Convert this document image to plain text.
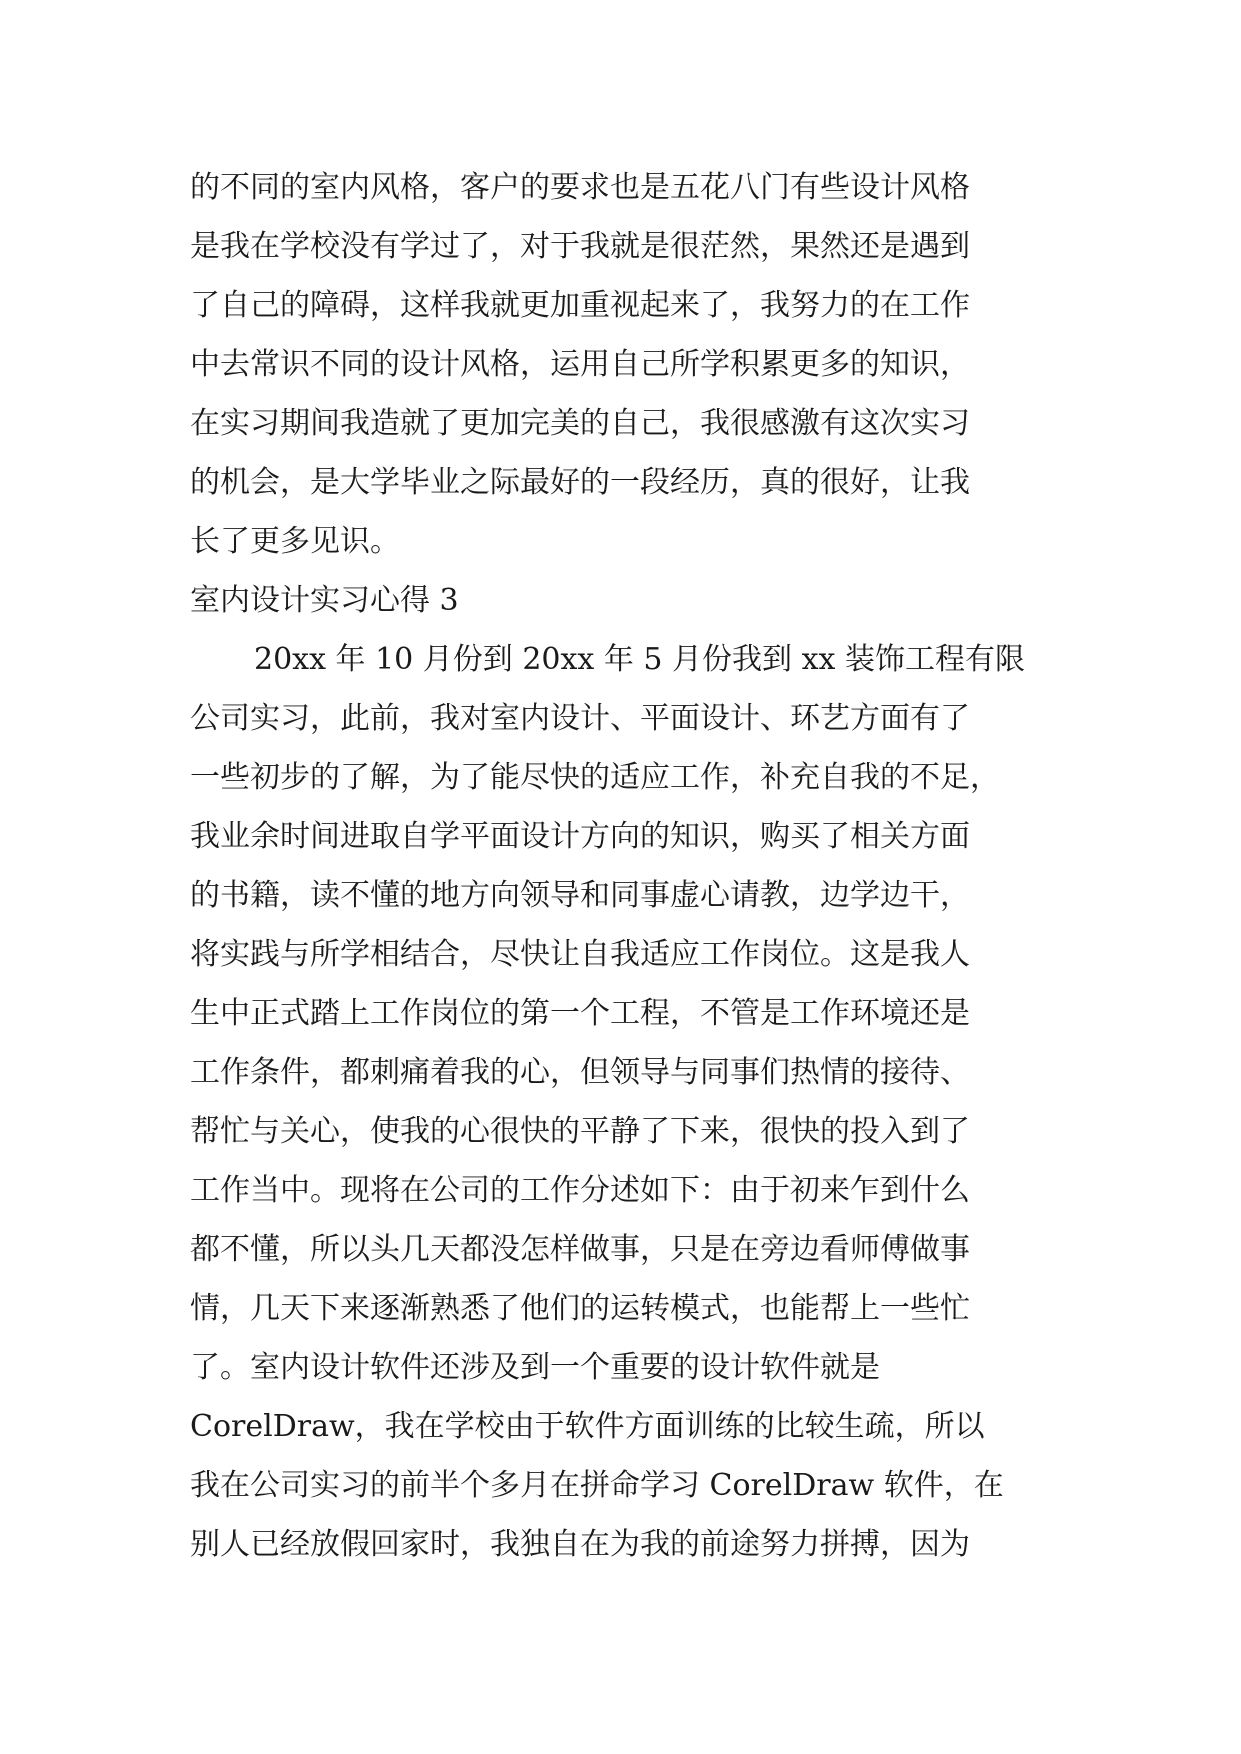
的不同的室内风格，客户的要求也是五花八门有些设计风格
是我在学校没有学过了，对于我就是很茫然，果然还是遇到
了自己的障碍，这样我就更加重视起来了，我努力的在工作
中去常识不同的设计风格，运用自己所学积累更多的知识，
在实习期间我造就了更加完美的自己，我很感激有这次实习
的机会，是大学毕业之际最好的一段经历，真的很好，让我
长了更多见识。
室内设计实习心得 3
20xx 年 10 月份到 20xx 年 5 月份我到 xx 装饰工程有限
公司实习，此前，我对室内设计、平面设计、环艺方面有了
一些初步的了解，为了能尽快的适应工作，补充自我的不足，
我业余时间进取自学平面设计方向的知识，购买了相关方面
的书籍，读不懂的地方向领导和同事虚心请教，边学边干，
将实践与所学相结合，尽快让自我适应工作岗位。这是我人
生中正式踏上工作岗位的第一个工程，不管是工作环境还是
工作条件，都刺痛着我的心，但领导与同事们热情的接待、
帮忙与关心，使我的心很快的平静了下来，很快的投入到了
工作当中。现将在公司的工作分述如下：由于初来乍到什么
都不懂，所以头几天都没怎样做事，只是在旁边看师傅做事
情，几天下来逐渐熟悉了他们的运转模式，也能帮上一些忙
了。室内设计软件还涉及到一个重要的设计软件就是
CorelDraw，我在学校由于软件方面训练的比较生疏，所以
我在公司实习的前半个多月在拼命学习 CorelDraw 软件，在
别人已经放假回家时，我独自在为我的前途努力拼搏，因为
